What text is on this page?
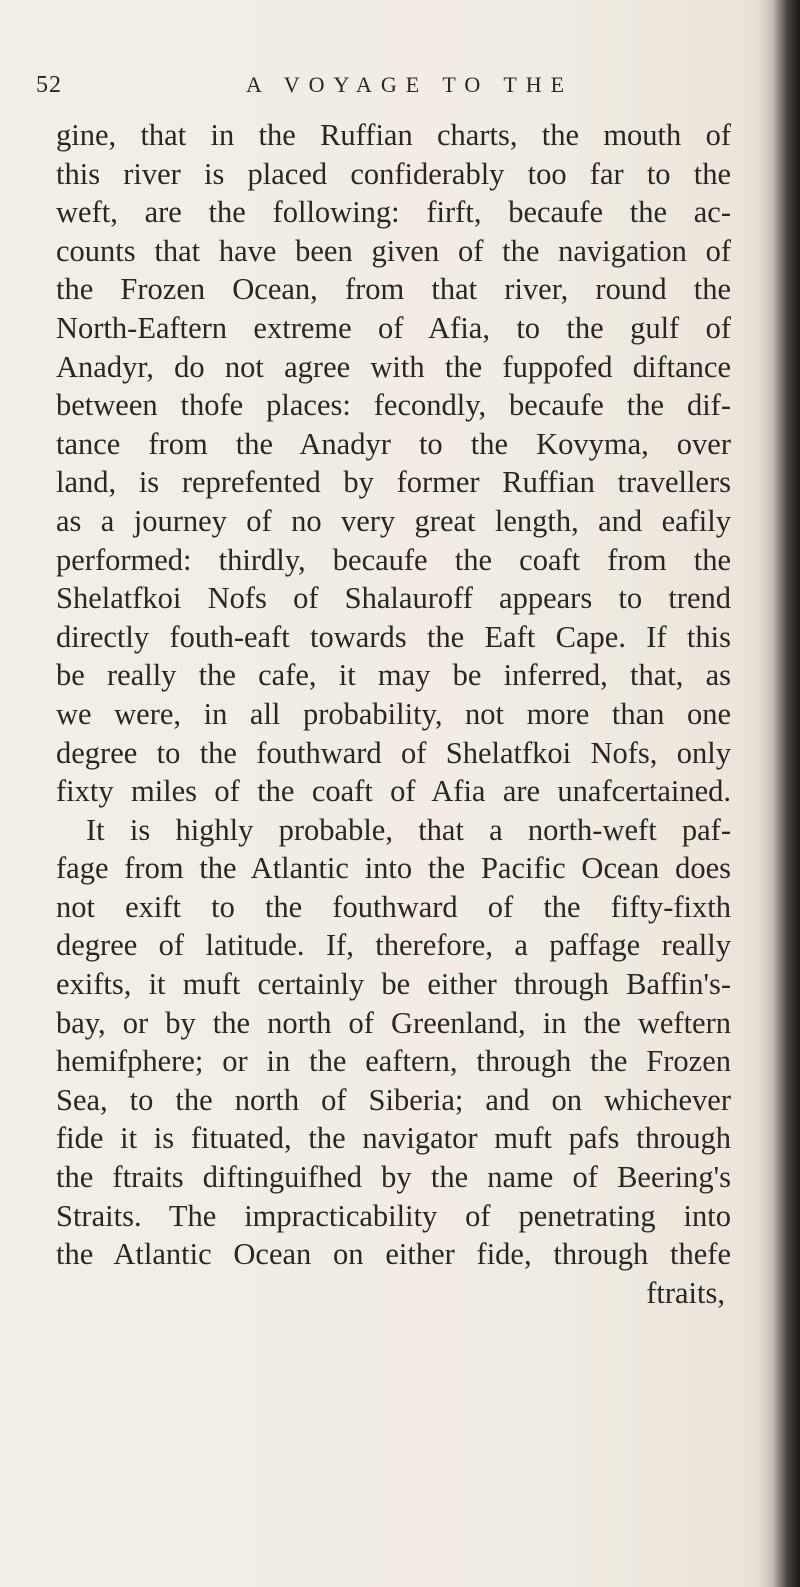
52	A VOYAGE TO THE
gine, that in the Ruffian charts, the mouth of
this river is placed confiderably too far to the
weft, are the following: firft, becaufe the ac-
counts that have been given of the navigation of
the Frozen Ocean, from that river, round the
North-Eaftern extreme of Afia, to the gulf of
Anadyr, do not agree with the fuppofed diftance
between thofe places: fecondly, becaufe the dif-
tance from the Anadyr to the Kovyma, over
land, is reprefented by former Ruffian travellers
as a journey of no very great length, and eafily
performed: thirdly, becaufe the coaft from the
Shelatfkoi Nofs of Shalauroff appears to trend
directly fouth-eaft towards the Eaft Cape. If this
be really the cafe, it may be inferred, that, as
we were, in all probability, not more than one
degree to the fouthward of Shelatfkoi Nofs, only
fixty miles of the coaft of Afia are unafcertained.
It is highly probable, that a north-weft paf-
fage from the Atlantic into the Pacific Ocean does
not exift to the fouthward of the fifty-fixth
degree of latitude. If, therefore, a paffage really
exifts, it muft certainly be either through Baffin's-
bay, or by the north of Greenland, in the weftern
hemifphere; or in the eaftern, through the Frozen
Sea, to the north of Siberia; and on whichever
fide it is fituated, the navigator muft pafs through
the ftraits diftinguifhed by the name of Beering's
Straits. The impracticability of penetrating into
the Atlantic Ocean on either fide, through thefe
ftraits,
